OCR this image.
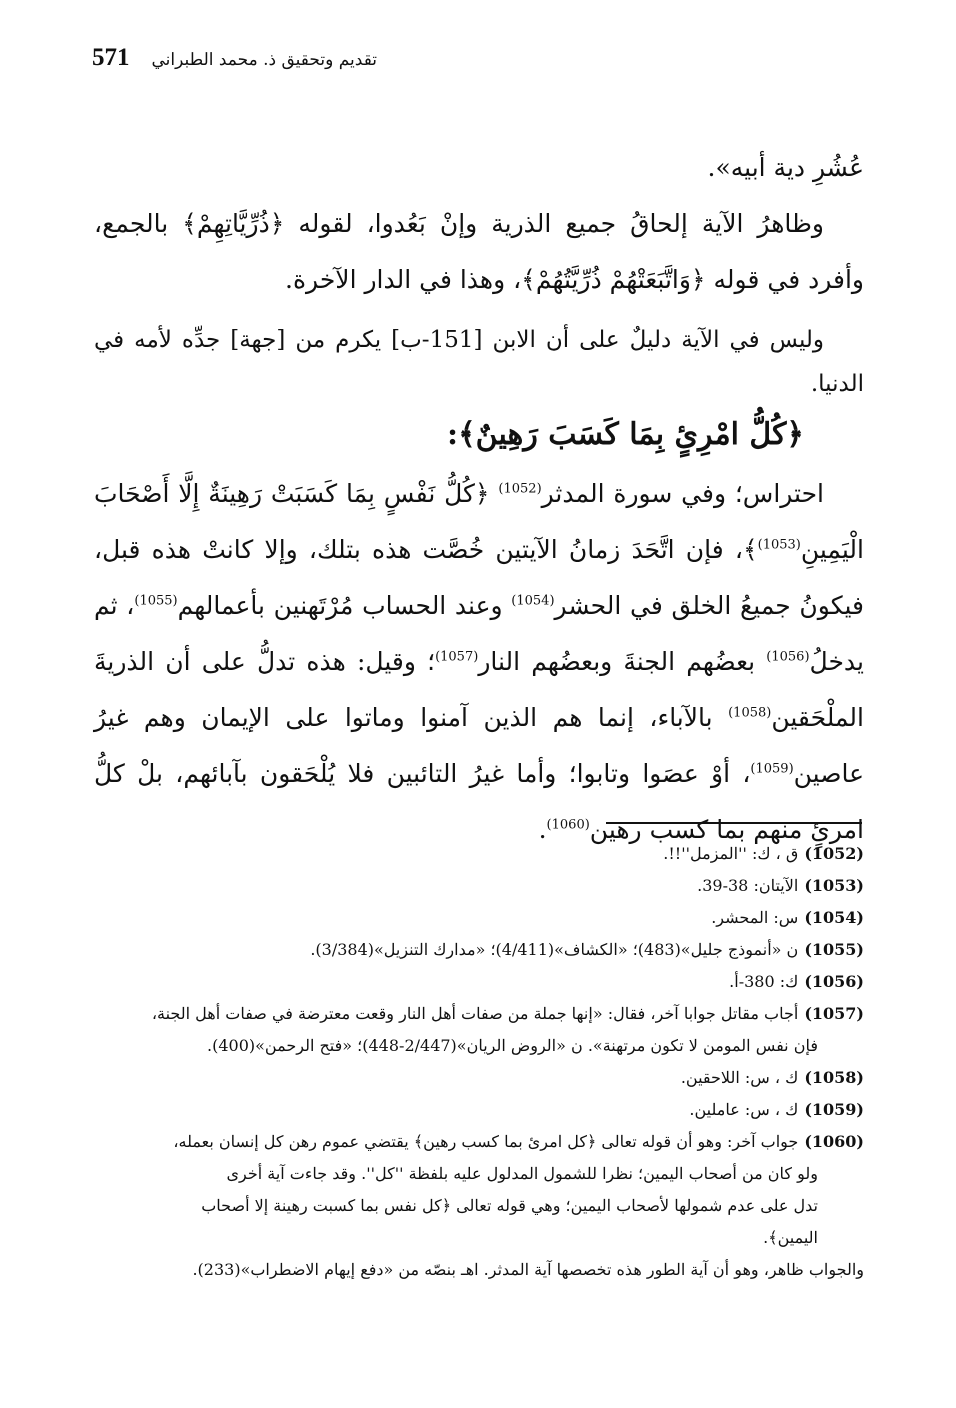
571 تقديم وتحقيق ذ. محمد الطبراني

عُشُرِ دية أبيه».

وظاهرُ الآية إلحاقُ جميع الذرية وإنْ بَعُدوا، لقوله ﴿ذُرِّيَّاتِهِمْ﴾ بالجمع، وأفرد في قوله ﴿وَاتَّبَعَتْهُمْ ذُرِّيَّتُهُمْ﴾، وهذا في الدار الآخرة.

وليس في الآية دليلٌ على أن الابن [151-ب] يكرم من [جهة] جدِّه لأمه في الدنيا.

﴿كُلُّ امْرِئٍ بِمَا كَسَبَ رَهِينٌ﴾:

احتراس؛ وفي سورة المدثر$^{(1052)}$ ﴿كُلُّ نَفْسٍ بِمَا كَسَبَتْ رَهِينَةٌ إِلَّا أَصْحَابَ الْيَمِينِ$^{(1053)}$﴾، فإن اتَّحَدَ زمانُ الآيتين خُصَّت هذه بتلك، وإلا كانتْ هذه قبل، فيكونُ جميعُ الخلق في الحشر$^{(1054)}$ وعند الحساب مُرْتَهنين بأعمالهم$^{(1055)}$، ثم يدخلُ$^{(1056)}$ بعضُهم الجنةَ وبعضُهم النار$^{(1057)}$؛ وقيل: هذه تدلُّ على أن الذريةَ الملْحَقين$^{(1058)}$ بالآباء، إنما هم الذين آمنوا وماتوا على الإيمان وهم غيرُ عاصين$^{(1059)}$، أوْ عصَوا وتابوا؛ وأما غيرُ التائبين فلا يُلْحَقون بآبائهم، بلْ كلُّ امرئٍ منهم بما كسب رهين$^{(1060)}$.

(1052)ق ، ك: ''المزمل''!!.

(1053)الآيتان: 38-39.

(1054)س: المحشر.

(1055)ن «أنموذج جليل»(483)؛ «الكشاف»(4/411)؛ «مدارك التنزيل»(3/384).

(1056)ك: 380-أ.

(1057)أجاب مقاتل جوابا آخر، فقال: «إنها جملة من صفات أهل النار وقعت معترضة في صفات أهل الجنة،

فإن نفس المومن لا تكون مرتهنة». ن «الروض الريان»(2/447-448)؛ «فتح الرحمن»(400).

(1058)ك ، س: اللاحقين.

(1059)ك ، س: عاملين.

(1060)جواب آخر: وهو أن قوله تعالى ﴿كل امرئ بما كسب رهين﴾ يقتضي عموم رهن كل إنسان بعمله،

ولو كان من أصحاب اليمين؛ نظرا للشمول المدلول عليه بلفظة ''كل''. وقد جاءت آية أخرى

تدل على عدم شمولها لأصحاب اليمين؛ وهي قوله تعالى ﴿كل نفس بما كسبت رهينة إلا أصحاب

اليمين﴾.

والجواب ظاهر، وهو أن آية الطور هذه تخصصها آية المدثر. اهـ بنصّه من «دفع إيهام الاضطراب»(233).
